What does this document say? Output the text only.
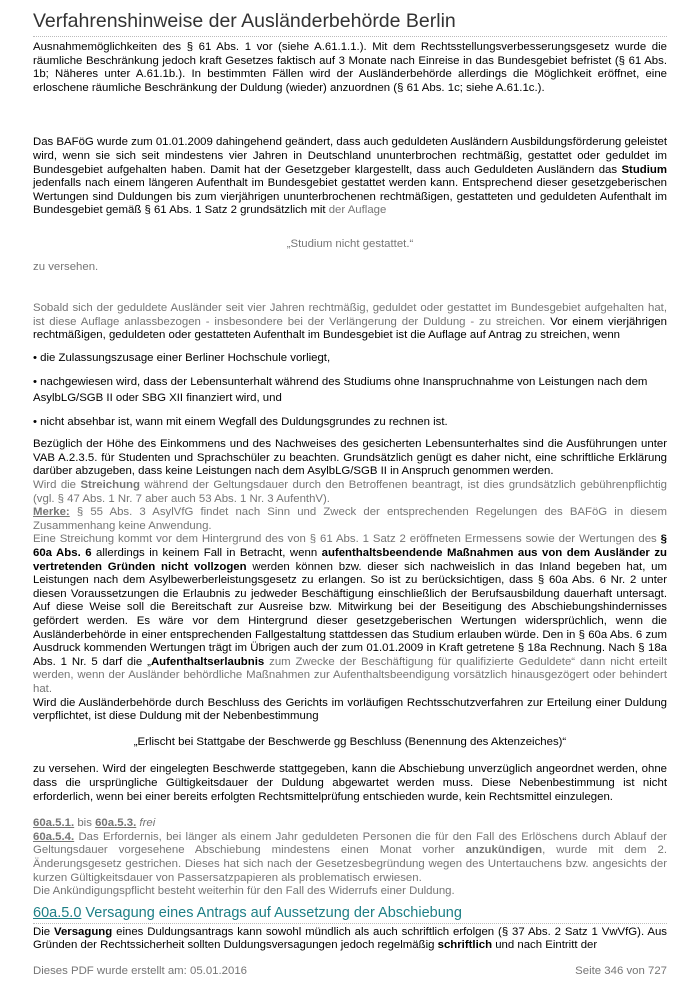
Verfahrenshinweise der Ausländerbehörde Berlin

Ausnahmemöglichkeiten des § 61 Abs. 1 vor (siehe A.61.1.1.). Mit dem Rechtsstellungsverbesserungsgesetz wurde die räumliche Beschränkung jedoch kraft Gesetzes faktisch auf 3 Monate nach Einreise in das Bundesgebiet befristet (§ 61 Abs. 1b; Näheres unter A.61.1b.). In bestimmten Fällen wird der Ausländerbehörde allerdings die Möglichkeit eröffnet, eine erloschene räumliche Beschränkung der Duldung (wieder) anzuordnen (§ 61 Abs. 1c; siehe A.61.1c.).

Das BAFöG wurde zum 01.01.2009 dahingehend geändert, dass auch geduldeten Ausländern Ausbildungsförderung geleistet wird, wenn sie sich seit mindestens vier Jahren in Deutschland ununterbrochen rechtmäßig, gestattet oder geduldet im Bundesgebiet aufgehalten haben. Damit hat der Gesetzgeber klargestellt, dass auch Geduldeten Ausländern das Studium jedenfalls nach einem längeren Aufenthalt im Bundesgebiet gestattet werden kann. Entsprechend dieser gesetzgeberischen Wertungen sind Duldungen bis zum vierjährigen ununterbrochenen rechtmäßigen, gestatteten und geduldeten Aufenthalt im Bundesgebiet gemäß § 61 Abs. 1 Satz 2 grundsätzlich mit der Auflage

„Studium nicht gestattet.“

zu versehen.

Sobald sich der geduldete Ausländer seit vier Jahren rechtmäßig, geduldet oder gestattet im Bundesgebiet aufgehalten hat, ist diese Auflage anlassbezogen - insbesondere bei der Verlängerung der Duldung - zu streichen. Vor einem vierjährigen rechtmäßigen, geduldeten oder gestatteten Aufenthalt im Bundesgebiet ist die Auflage auf Antrag zu streichen, wenn

• die Zulassungszusage einer Berliner Hochschule vorliegt,

• nachgewiesen wird, dass der Lebensunterhalt während des Studiums ohne Inanspruchnahme von Leistungen nach dem

AsylbLG/SGB II oder SBG XII finanziert wird, und

• nicht absehbar ist, wann mit einem Wegfall des Duldungsgrundes zu rechnen ist.

Bezüglich der Höhe des Einkommens und des Nachweises des gesicherten Lebensunterhaltes sind die Ausführungen unter VAB A.2.3.5. für Studenten und Sprachschüler zu beachten. Grundsätzlich genügt es daher nicht, eine schriftliche Erklärung darüber abzugeben, dass keine Leistungen nach dem AsylbLG/SGB II in Anspruch genommen werden.

Wird die Streichung während der Geltungsdauer durch den Betroffenen beantragt, ist dies grundsätzlich gebührenpflichtig (vgl. § 47 Abs. 1 Nr. 7 aber auch 53 Abs. 1 Nr. 3 AufenthV).

Merke: § 55 Abs. 3 AsylVfG findet nach Sinn und Zweck der entsprechenden Regelungen des BAFöG in diesem Zusammenhang keine Anwendung.

Eine Streichung kommt vor dem Hintergrund des von § 61 Abs. 1 Satz 2 eröffneten Ermessens sowie der Wertungen des § 60a Abs. 6 allerdings in keinem Fall in Betracht, wenn aufenthaltsbeendende Maßnahmen aus von dem Ausländer zu vertretenden Gründen nicht vollzogen werden können bzw. dieser sich nachweislich in das Inland begeben hat, um Leistungen nach dem Asylbewerberleistungsgesetz zu erlangen. So ist zu berücksichtigen, dass § 60a Abs. 6 Nr. 2 unter diesen Voraussetzungen die Erlaubnis zu jedweder Beschäftigung einschließlich der Berufsausbildung dauerhaft untersagt. Auf diese Weise soll die Bereitschaft zur Ausreise bzw. Mitwirkung bei der Beseitigung des Abschiebungshindernisses gefördert werden. Es wäre vor dem Hintergrund dieser gesetzgeberischen Wertungen widersprüchlich, wenn die Ausländerbehörde in einer entsprechenden Fallgestaltung stattdessen das Studium erlauben würde. Den in § 60a Abs. 6 zum Ausdruck kommenden Wertungen trägt im Übrigen auch der zum 01.01.2009 in Kraft getretene § 18a Rechnung. Nach § 18a Abs. 1 Nr. 5 darf die „Aufenthaltserlaubnis zum Zwecke der Beschäftigung für qualifizierte Geduldete“ dann nicht erteilt werden, wenn der Ausländer behördliche Maßnahmen zur Aufenthaltsbeendigung vorsätzlich hinausgezögert oder behindert hat.

Wird die Ausländerbehörde durch Beschluss des Gerichts im vorläufigen Rechtsschutzverfahren zur Erteilung einer Duldung verpflichtet, ist diese Duldung mit der Nebenbestimmung

„Erlischt bei Stattgabe der Beschwerde gg Beschluss (Benennung des Aktenzeiches)“

zu versehen. Wird der eingelegten Beschwerde stattgegeben, kann die Abschiebung unverzüglich angeordnet werden, ohne dass die ursprüngliche Gültigkeitsdauer der Duldung abgewartet werden muss. Diese Nebenbestimmung ist nicht erforderlich, wenn bei einer bereits erfolgten Rechtsmittelprüfung entschieden wurde, kein Rechtsmittel einzulegen.

60a.5.1. bis 60a.5.3. frei

60a.5.4. Das Erfordernis, bei länger als einem Jahr geduldeten Personen die für den Fall des Erlöschens durch Ablauf der Geltungsdauer vorgesehene Abschiebung mindestens einen Monat vorher anzukündigen, wurde mit dem 2. Änderungsgesetz gestrichen. Dieses hat sich nach der Gesetzesbegründung wegen des Untertauchens bzw. angesichts der kurzen Gültigkeitsdauer von Passersatzpapieren als problematisch erwiesen.

Die Ankündigungspflicht besteht weiterhin für den Fall des Widerrufs einer Duldung.

60a.5.0 Versagung eines Antrags auf Aussetzung der Abschiebung

Die Versagung eines Duldungsantrags kann sowohl mündlich als auch schriftlich erfolgen (§ 37 Abs. 2 Satz 1 VwVfG). Aus Gründen der Rechtssicherheit sollten Duldungsversagungen jedoch regelmäßig schriftlich und nach Eintritt der

Dieses PDF wurde erstellt am: 05.01.2016	Seite 346 von 727
